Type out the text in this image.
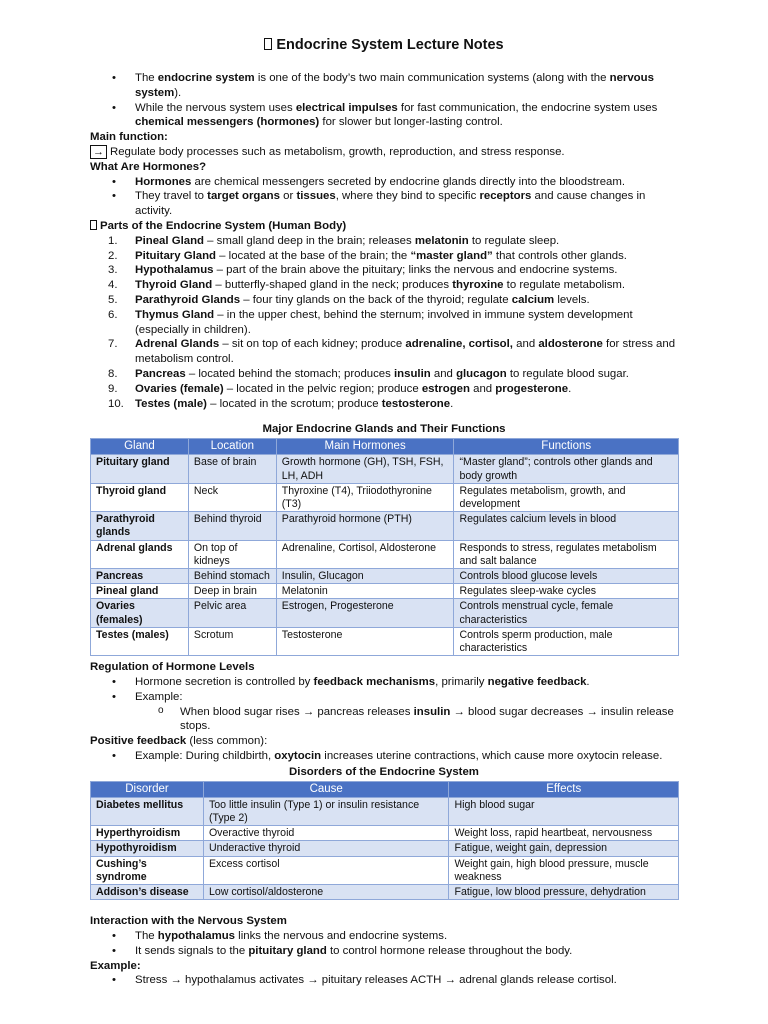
Endocrine System Lecture Notes
• The endocrine system is one of the body’s two main communication systems (along with the nervous system).
• While the nervous system uses electrical impulses for fast communication, the endocrine system uses chemical messengers (hormones) for slower but longer-lasting control.
Main function:
→ Regulate body processes such as metabolism, growth, reproduction, and stress response.
What Are Hormones?
• Hormones are chemical messengers secreted by endocrine glands directly into the bloodstream.
• They travel to target organs or tissues, where they bind to specific receptors and cause changes in activity.
Parts of the Endocrine System (Human Body)
1. Pineal Gland – small gland deep in the brain; releases melatonin to regulate sleep.
2. Pituitary Gland – located at the base of the brain; the “master gland” that controls other glands.
3. Hypothalamus – part of the brain above the pituitary; links the nervous and endocrine systems.
4. Thyroid Gland – butterfly-shaped gland in the neck; produces thyroxine to regulate metabolism.
5. Parathyroid Glands – four tiny glands on the back of the thyroid; regulate calcium levels.
6. Thymus Gland – in the upper chest, behind the sternum; involved in immune system development (especially in children).
7. Adrenal Glands – sit on top of each kidney; produce adrenaline, cortisol, and aldosterone for stress and metabolism control.
8. Pancreas – located behind the stomach; produces insulin and glucagon to regulate blood sugar.
9. Ovaries (female) – located in the pelvic region; produce estrogen and progesterone.
10. Testes (male) – located in the scrotum; produce testosterone.
Major Endocrine Glands and Their Functions
Gland	Location	Main Hormones	Functions
Pituitary gland	Base of brain	Growth hormone (GH), TSH, FSH, LH, ADH	“Master gland”; controls other glands and body growth
Thyroid gland	Neck	Thyroxine (T4), Triiodothyronine (T3)	Regulates metabolism, growth, and development
Parathyroid glands	Behind thyroid	Parathyroid hormone (PTH)	Regulates calcium levels in blood
Adrenal glands	On top of kidneys	Adrenaline, Cortisol, Aldosterone	Responds to stress, regulates metabolism and salt balance
Pancreas	Behind stomach	Insulin, Glucagon	Controls blood glucose levels
Pineal gland	Deep in brain	Melatonin	Regulates sleep-wake cycles
Ovaries (females)	Pelvic area	Estrogen, Progesterone	Controls menstrual cycle, female characteristics
Testes (males)	Scrotum	Testosterone	Controls sperm production, male characteristics
Regulation of Hormone Levels
• Hormone secretion is controlled by feedback mechanisms, primarily negative feedback.
• Example:
o When blood sugar rises → pancreas releases insulin → blood sugar decreases → insulin release stops.
Positive feedback (less common):
• Example: During childbirth, oxytocin increases uterine contractions, which cause more oxytocin release.
Disorders of the Endocrine System
Disorder	Cause	Effects
Diabetes mellitus	Too little insulin (Type 1) or insulin resistance (Type 2)	High blood sugar
Hyperthyroidism	Overactive thyroid	Weight loss, rapid heartbeat, nervousness
Hypothyroidism	Underactive thyroid	Fatigue, weight gain, depression
Cushing’s syndrome	Excess cortisol	Weight gain, high blood pressure, muscle weakness
Addison’s disease	Low cortisol/aldosterone	Fatigue, low blood pressure, dehydration
Interaction with the Nervous System
• The hypothalamus links the nervous and endocrine systems.
• It sends signals to the pituitary gland to control hormone release throughout the body.
Example:
• Stress → hypothalamus activates → pituitary releases ACTH → adrenal glands release cortisol.
